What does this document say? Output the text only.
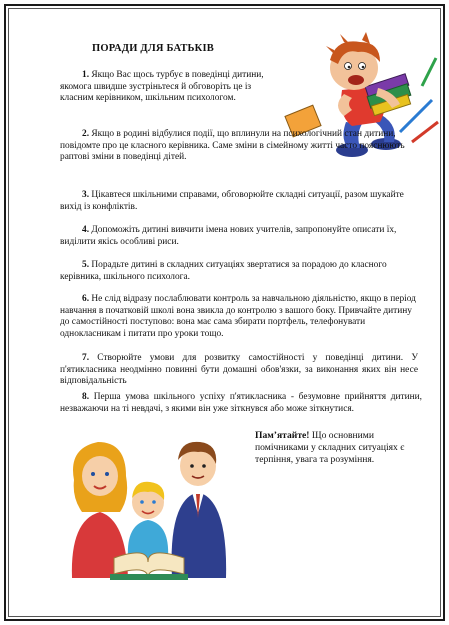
ПОРАДИ ДЛЯ БАТЬКІВ
1. Якщо Вас щось турбує в поведінці дитини, якомога швидше зустріньтеся й обговоріть це із класним керівником, шкільним психологом.
2. Якщо в родині відбулися події, що вплинули на психологічний стан дитини, повідомте про це класного керівника. Саме зміни в сімейному житті часто пояснюють раптові зміни в поведінці дітей.
3. Цікавтеся шкільними справами, обговорюйте складні ситуації, разом шукайте вихід із конфліктів.
4. Допоможіть дитині вивчити імена нових учителів, запропонуйте описати їх, виділити якісь особливі риси.
5. Порадьте дитині в складних ситуаціях звертатися за порадою до класного керівника, шкільного психолога.
6. Не слід відразу послаблювати контроль за навчальною діяльністю, якщо в період навчання в початковій школі вона звикла до контролю з вашого боку. Привчайте дитину до самостійності поступово: вона має сама збирати портфель, телефонувати однокласникам і питати про уроки тощо.
7. Створюйте умови для розвитку самостійності у поведінці дитини. У п'ятикласника неодмінно повинні бути домашні обов'язки, за виконання яких він несе відповідальність
8. Перша умова шкільного успіху п'ятикласника - безумовне прийняття дитини, незважаючи на ті невдачі, з якими він уже зіткнувся або може зіткнутися.
Пам’ятайте! Що основними помічниками у складних ситуаціях є терпіння, увага та розуміння.
